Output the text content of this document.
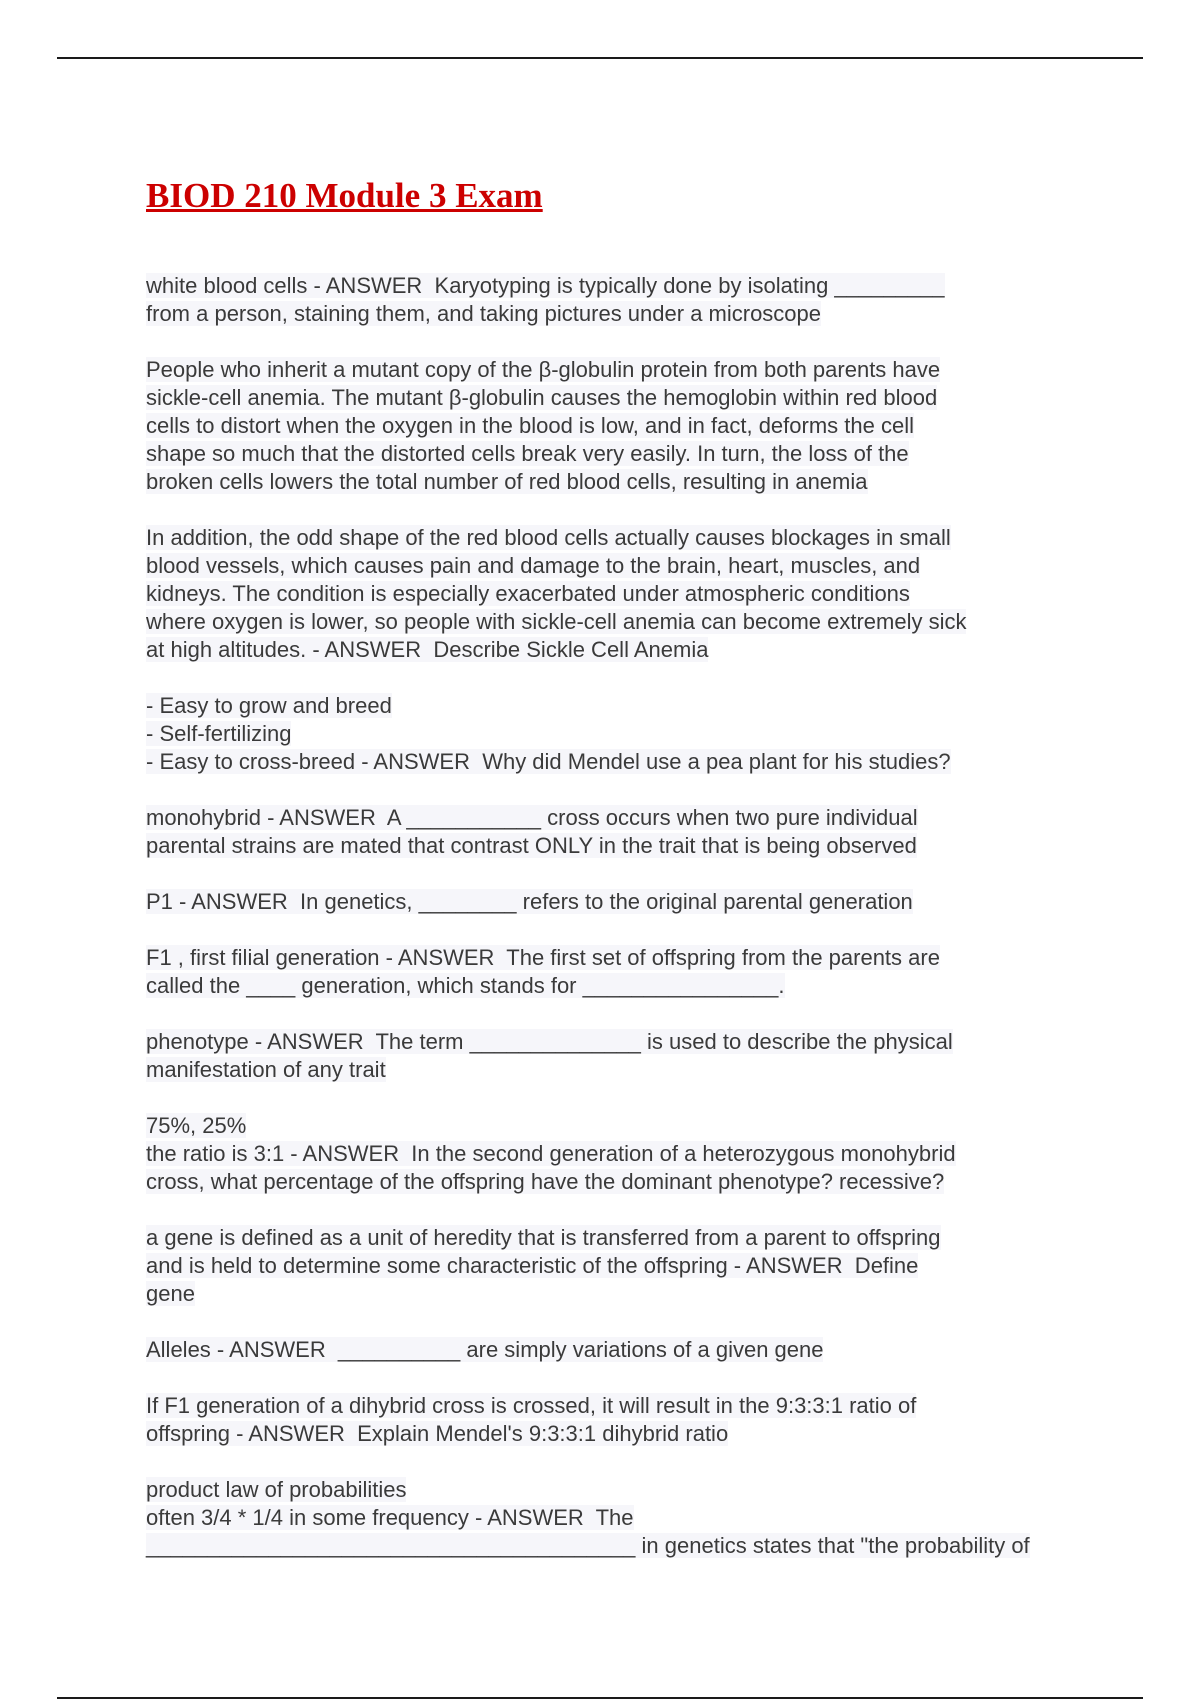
BIOD 210 Module 3 Exam
white blood cells - ANSWER  Karyotyping is typically done by isolating _________
from a person, staining them, and taking pictures under a microscope
People who inherit a mutant copy of the β-globulin protein from both parents have
sickle-cell anemia. The mutant β-globulin causes the hemoglobin within red blood
cells to distort when the oxygen in the blood is low, and in fact, deforms the cell
shape so much that the distorted cells break very easily. In turn, the loss of the
broken cells lowers the total number of red blood cells, resulting in anemia
In addition, the odd shape of the red blood cells actually causes blockages in small
blood vessels, which causes pain and damage to the brain, heart, muscles, and
kidneys. The condition is especially exacerbated under atmospheric conditions
where oxygen is lower, so people with sickle-cell anemia can become extremely sick
at high altitudes. - ANSWER  Describe Sickle Cell Anemia
- Easy to grow and breed
- Self-fertilizing
- Easy to cross-breed - ANSWER  Why did Mendel use a pea plant for his studies?
monohybrid - ANSWER  A ___________ cross occurs when two pure individual
parental strains are mated that contrast ONLY in the trait that is being observed
P1 - ANSWER  In genetics, ________ refers to the original parental generation
F1 , first filial generation - ANSWER  The first set of offspring from the parents are
called the ____ generation, which stands for ________________.
phenotype - ANSWER  The term ______________ is used to describe the physical
manifestation of any trait
75%, 25%
the ratio is 3:1 - ANSWER  In the second generation of a heterozygous monohybrid
cross, what percentage of the offspring have the dominant phenotype? recessive?
a gene is defined as a unit of heredity that is transferred from a parent to offspring
and is held to determine some characteristic of the offspring - ANSWER  Define
gene
Alleles - ANSWER  __________ are simply variations of a given gene
If F1 generation of a dihybrid cross is crossed, it will result in the 9:3:3:1 ratio of
offspring - ANSWER  Explain Mendel's 9:3:3:1 dihybrid ratio
product law of probabilities
often 3/4 * 1/4 in some frequency - ANSWER  The
________________________________________ in genetics states that "the probability of
